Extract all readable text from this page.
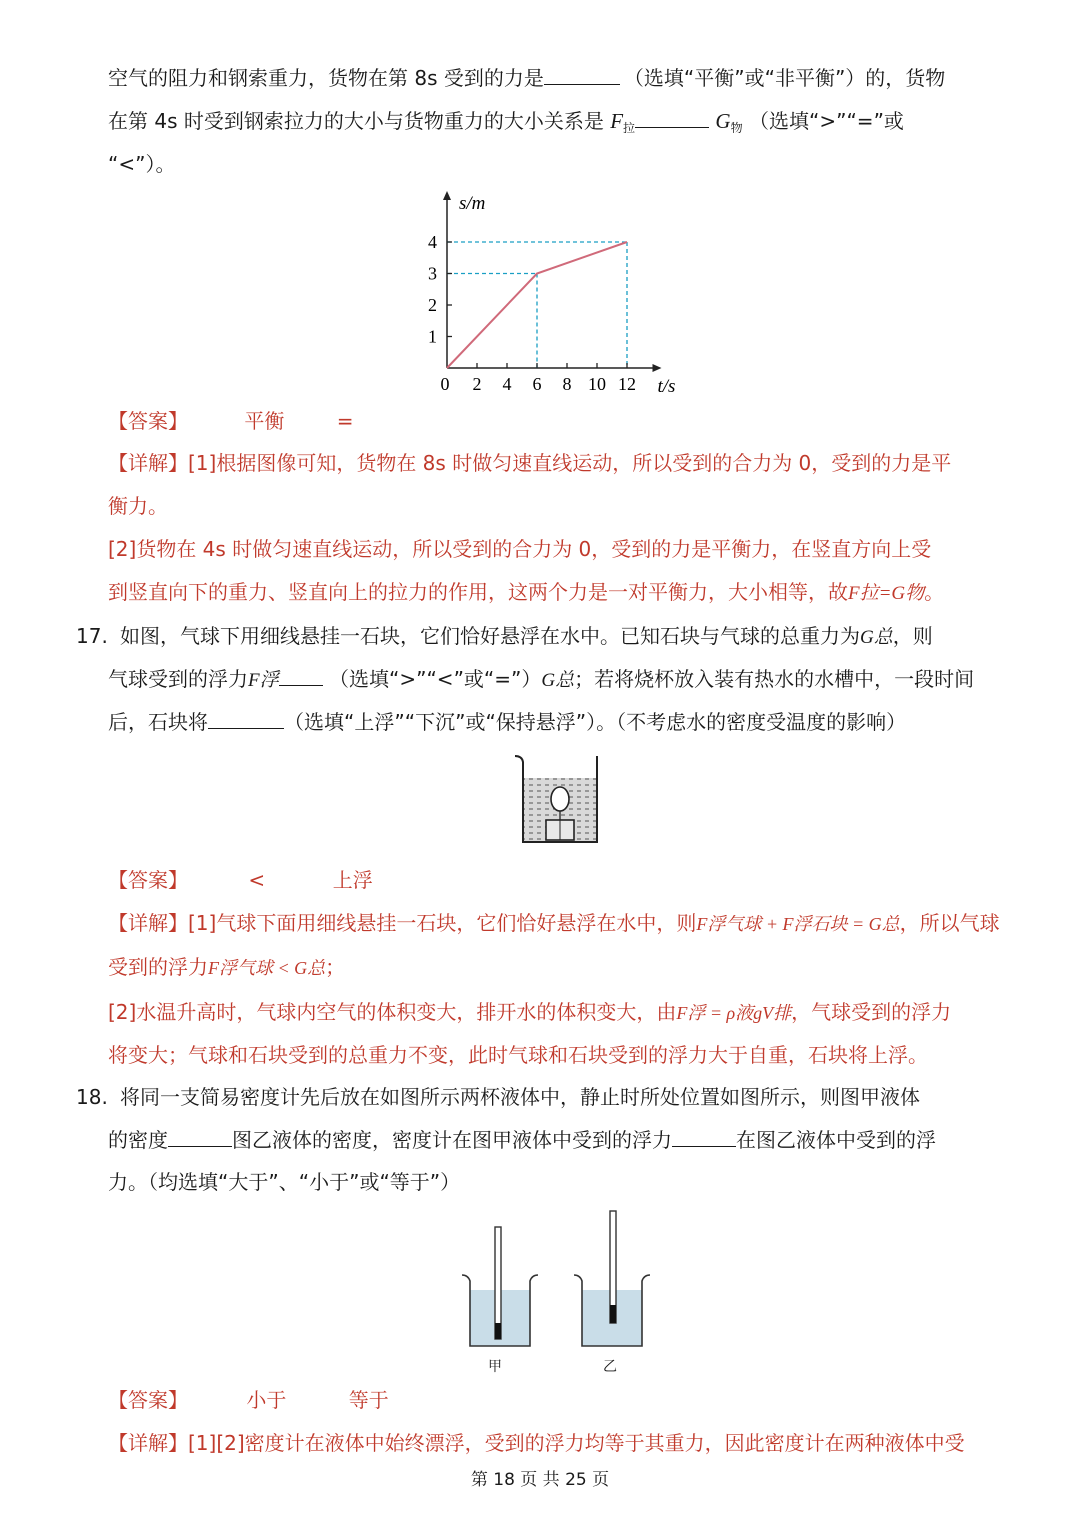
空气的阻力和钢索重力，货物在第 8s 受到的力是	（选填“平衡”或“非平衡”）的，货物
在第 4s 时受到钢索拉力的大小与货物重力的大小关系是 $F_拉$	$G_物$ （选填“>”“=”或
“<”）。
1
2
3
4
0 2 4 6 8 10 12
s/m
t/s
【答案】	平衡	=
【详解】[1]根据图像可知，货物在 8s 时做匀速直线运动，所以受到的合力为 0，受到的力是平
衡力。
[2]货物在 4s 时做匀速直线运动，所以受到的合力为 0，受到的力是平衡力，在竖直方向上受
到竖直向下的重力、竖直向上的拉力的作用，这两个力是一对平衡力，大小相等，故F拉=G物。
17. 如图，气球下用细线悬挂一石块，它们恰好悬浮在水中。已知石块与气球的总重力为G总，则
气球受到的浮力F浮	（选填“>”“<”或“=”）G总；若将烧杯放入装有热水的水槽中，一段时间
后，石块将	（选填“上浮”“下沉”或“保持悬浮”）。（不考虑水的密度受温度的影响）
【答案】	<	上浮
【详解】[1]气球下面用细线悬挂一石块，它们恰好悬浮在水中，则F浮气球 + F浮石块 = G总，所以气球
受到的浮力F浮气球 < G总；
[2]水温升高时，气球内空气的体积变大，排开水的体积变大，由F浮 = ρ液gV排，气球受到的浮力
将变大；气球和石块受到的总重力不变，此时气球和石块受到的浮力大于自重，石块将上浮。
18. 将同一支简易密度计先后放在如图所示两杯液体中，静止时所处位置如图所示，则图甲液体
的密度	图乙液体的密度，密度计在图甲液体中受到的浮力	在图乙液体中受到的浮
力。（均选填“大于”、“小于”或“等于”）
甲	乙
【答案】	小于	等于
【详解】[1][2]密度计在液体中始终漂浮，受到的浮力均等于其重力，因此密度计在两种液体中受
第 18 页 共 25 页
